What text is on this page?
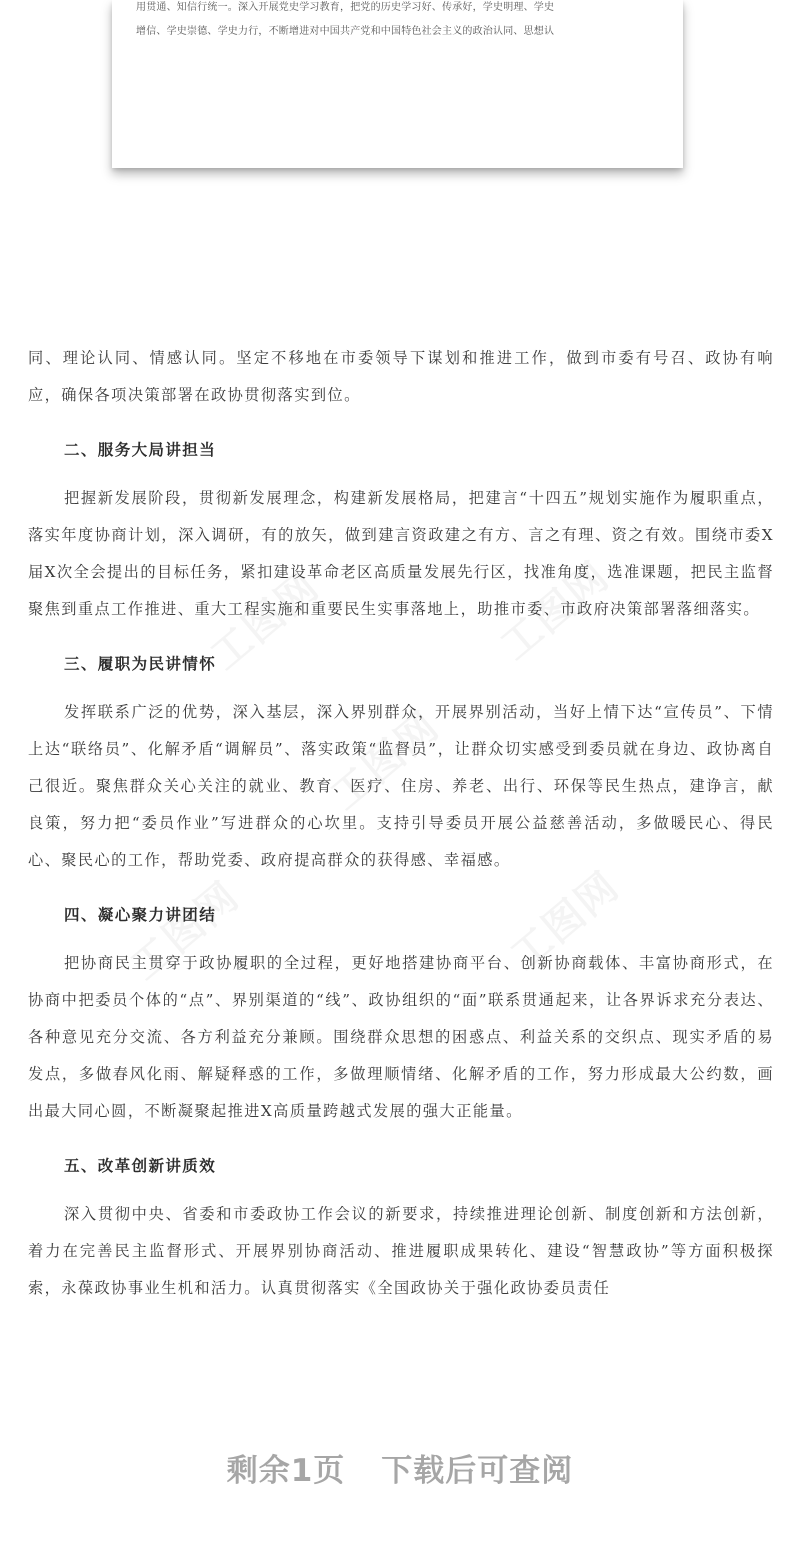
用贯通、知信行统一。深入开展党史学习教育，把党的历史学习好、传承好，学史明理、学史
增信、学史崇德、学史力行，不断增进对中国共产党和中国特色社会主义的政治认同、思想认

同、理论认同、情感认同。坚定不移地在市委领导下谋划和推进工作，做到市委有号召、政协有响应，确保各项决策部署在政协贯彻落实到位。

二、服务大局讲担当

把握新发展阶段，贯彻新发展理念，构建新发展格局，把建言“十四五”规划实施作为履职重点，落实年度协商计划，深入调研，有的放矢，做到建言资政建之有方、言之有理、资之有效。围绕市委X届X次全会提出的目标任务，紧扣建设革命老区高质量发展先行区，找准角度，选准课题，把民主监督聚焦到重点工作推进、重大工程实施和重要民生实事落地上，助推市委、市政府决策部署落细落实。

三、履职为民讲情怀

发挥联系广泛的优势，深入基层，深入界别群众，开展界别活动，当好上情下达“宣传员”、下情上达“联络员”、化解矛盾“调解员”、落实政策“监督员”，让群众切实感受到委员就在身边、政协离自己很近。聚焦群众关心关注的就业、教育、医疗、住房、养老、出行、环保等民生热点，建诤言，献良策，努力把“委员作业”写进群众的心坎里。支持引导委员开展公益慈善活动，多做暖民心、得民心、聚民心的工作，帮助党委、政府提高群众的获得感、幸福感。

四、凝心聚力讲团结

把协商民主贯穿于政协履职的全过程，更好地搭建协商平台、创新协商载体、丰富协商形式，在协商中把委员个体的“点”、界别渠道的“线”、政协组织的“面”联系贯通起来，让各界诉求充分表达、各种意见充分交流、各方利益充分兼顾。围绕群众思想的困惑点、利益关系的交织点、现实矛盾的易发点，多做春风化雨、解疑释惑的工作，多做理顺情绪、化解矛盾的工作，努力形成最大公约数，画出最大同心圆，不断凝聚起推进X高质量跨越式发展的强大正能量。

五、改革创新讲质效

深入贯彻中央、省委和市委政协工作会议的新要求，持续推进理论创新、制度创新和方法创新，着力在完善民主监督形式、开展界别协商活动、推进履职成果转化、建设“智慧政协”等方面积极探索，永葆政协事业生机和活力。认真贯彻落实《全国政协关于强化政协委员责任

剩余1页 下载后可查阅
